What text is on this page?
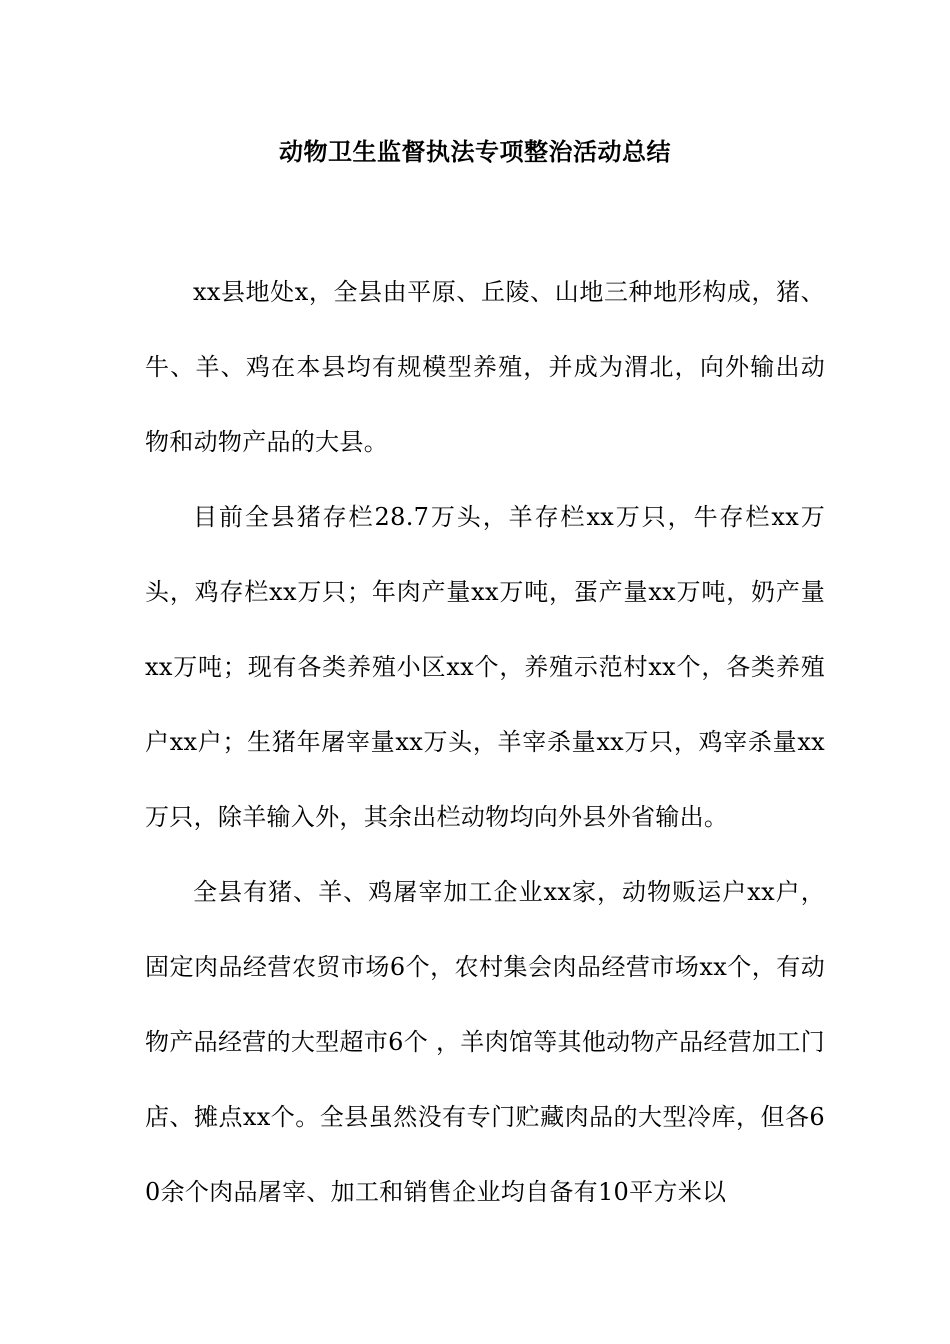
动物卫生监督执法专项整治活动总结

xx县地处x，全县由平原、丘陵、山地三种地形构成，猪、牛、羊、鸡在本县均有规模型养殖，并成为渭北，向外输出动物和动物产品的大县。

目前全县猪存栏28.7万头，羊存栏xx万只，牛存栏xx万头，鸡存栏xx万只；年肉产量xx万吨，蛋产量xx万吨，奶产量xx万吨；现有各类养殖小区xx个，养殖示范村xx个，各类养殖户xx户；生猪年屠宰量xx万头，羊宰杀量xx万只，鸡宰杀量xx万只，除羊输入外，其余出栏动物均向外县外省输出。

全县有猪、羊、鸡屠宰加工企业xx家，动物贩运户xx户，固定肉品经营农贸市场6个，农村集会肉品经营市场xx个，有动物产品经营的大型超市6个 ，羊肉馆等其他动物产品经营加工门店、摊点xx个。全县虽然没有专门贮藏肉品的大型冷库，但各60余个肉品屠宰、加工和销售企业均自备有10平方米以
